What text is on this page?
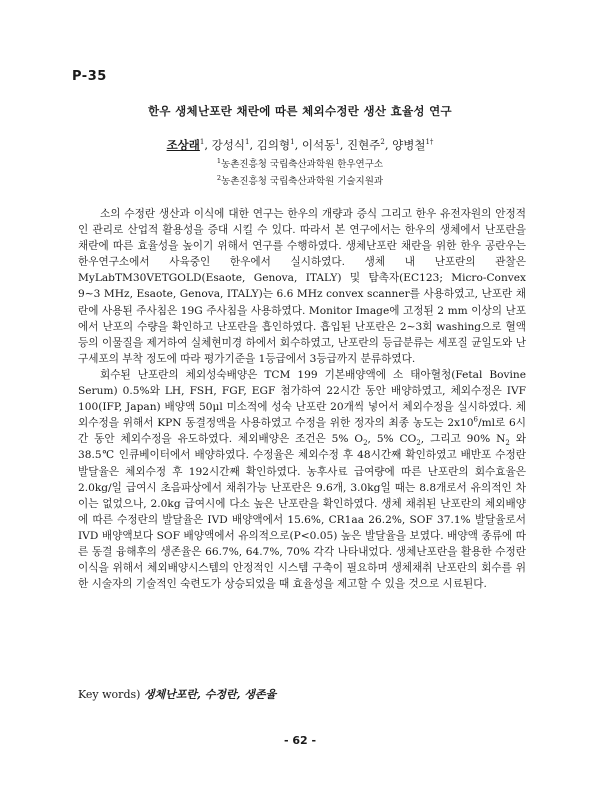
P-35
한우 생체난포란 채란에 따른 체외수정란 생산 효율성 연구
조상래$^1$, 강성식$^1$, 김의형$^1$, 이석동$^1$, 진현주$^2$, 양병철$^{1\dagger}$
$^1$농촌진흥청 국립축산과학원 한우연구소
$^2$농촌진흥청 국립축산과학원 기술지원과

소의 수정란 생산과 이식에 대한 연구는 한우의 개량과 증식 그리고 한우 유전자원의 안정적인 관리로 산업적 활용성을 증대 시킬 수 있다. 따라서 본 연구에서는 한우의 생체에서 난포란을 채란에 따른 효율성을 높이기 위해서 연구를 수행하였다. 생체난포란 채란을 위한 한우 공란우는 한우연구소에서 사육중인 한우에서 실시하였다. 생체 내 난포란의 관찰은 MyLabTM30VETGOLD(Esaote, Genova, ITALY) 및 탐촉자(EC123; Micro-Convex 9∼3 MHz, Esaote, Genova, ITALY)는 6.6 MHz convex scanner를 사용하였고, 난포란 채란에 사용된 주사침은 19G 주사침을 사용하였다. Monitor Image에 고정된 2 mm 이상의 난포에서 난포의 수량을 확인하고 난포란을 흡인하였다. 흡입된 난포란은 2∼3회 washing으로 혈액 등의 이물질을 제거하여 실체현미경 하에서 회수하였고, 난포란의 등급분류는 세포질 균일도와 난구세포의 부착 정도에 따라 평가기준을 1등급에서 3등급까지 분류하였다.

회수된 난포란의 체외성숙배양은 TCM 199 기본배양액에 소 태아혈청(Fetal Bovine Serum) 0.5%와 LH, FSH, FGF, EGF 첨가하여 22시간 동안 배양하였고, 체외수정은 IVF 100(IFP, Japan) 배양액 50μl 미소적에 성숙 난포란 20개씩 넣어서 체외수정을 실시하였다. 체외수정을 위해서 KPN 동결정액을 사용하였고 수정을 위한 정자의 최종 농도는 $2x10^6/ml$로 6시간 동안 체외수정을 유도하였다. 체외배양은 조건은 5% $O_2$, 5% $CO_2$, 그리고 90% $N_2$ 와 38.5℃ 인큐베이터에서 배양하였다. 수정율은 체외수정 후 48시간째 확인하였고 배반포 수정란 발달율은 체외수정 후 192시간째 확인하였다. 농후사료 급여량에 따른 난포란의 회수효율은 2.0kg/일 급여시 초음파상에서 채취가능 난포란은 9.6개, 3.0kg일 때는 8.8개로서 유의적인 차이는 없었으나, 2.0kg 급여시에 다소 높은 난포란을 확인하였다. 생체 채취된 난포란의 체외배양에 따른 수정란의 발달율은 IVD 배양액에서 15.6%, CR1aa 26.2%, SOF 37.1% 발달율로서 IVD 배양액보다 SOF 배양액에서 유의적으로(P<0.05) 높은 발달율을 보였다. 배양액 종류에 따른 동결 융해후의 생존율은 66.7%, 64.7%, 70% 각각 나타내었다. 생체난포란을 활용한 수정란이식을 위해서 체외배양시스템의 안정적인 시스템 구축이 필요하며 생체채취 난포란의 회수를 위한 시술자의 기술적인 숙련도가 상승되었을 때 효율성을 제고할 수 있을 것으로 시료된다.

Key words) 생체난포란, 수정란, 생존율
- 62 -
